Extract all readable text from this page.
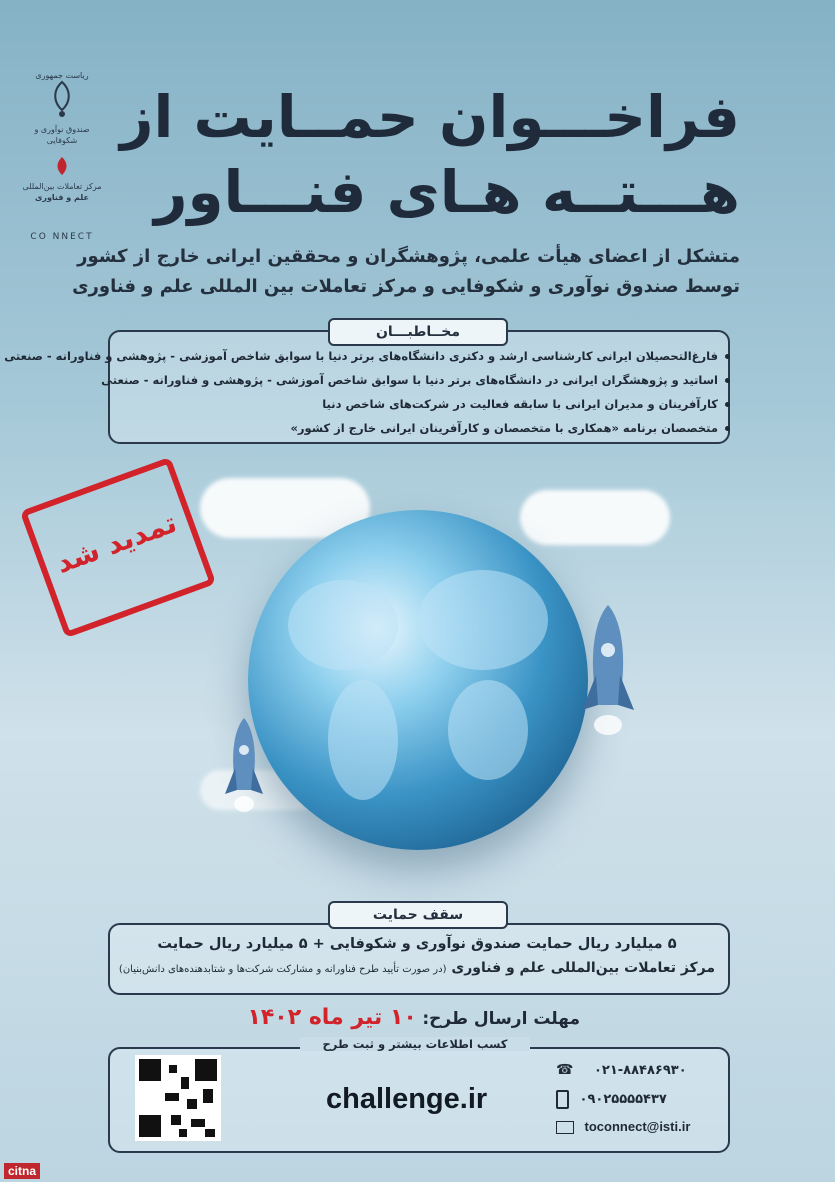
ریاست جمهوری
صندوق نوآوری و شکوفایی
مرکز تعاملات بین‌المللی
علم و فناوری
CO NNECT
فراخـــوان حمــایت از
هـــتــه هـای فنـــاور
متشکل از اعضای هیأت علمی، پژوهشگران و محققین ایرانی خارج از کشور
توسط صندوق نوآوری و شکوفایی و مرکز تعاملات بین المللی علم و فناوری
مخــاطبـــان
فارغ‌التحصیلان ایرانی کارشناسی ارشد و دکتری دانشگاه‌های برتر دنیا با سوابق شاخص آموزشی - پژوهشی و فناورانه - صنعتی
اساتید و پژوهشگران ایرانی در دانشگاه‌های برتر دنیا با سوابق شاخص آموزشی - پژوهشی و فناورانه - صنعتی
کارآفرینان و مدیران ایرانی با سابقه فعالیت در شرکت‌های شاخص دنیا
متخصصان برنامه «همکاری با متخصصان و کارآفرینان ایرانی خارج از کشور»
تمدید شد
سقف حمایت
۵ میلیارد ریال حمایت صندوق نوآوری و شکوفایی + ۵ میلیارد ریال حمایت
مرکز تعاملات بین‌المللی علم و فناوری (در صورت تأیید طرح فناورانه و مشارکت شرکت‌ها و شتابدهنده‌های دانش‌بنیان)
مهلت ارسال طرح: ۱۰ تیر ماه ۱۴۰۲
کسب اطلاعات بیشتر و ثبت طرح
challenge.ir
☎ ۰۲۱-۸۸۴۸۶۹۳۰
۰۹۰۲۵۵۵۵۴۳۷
toconnect@isti.ir
citna
